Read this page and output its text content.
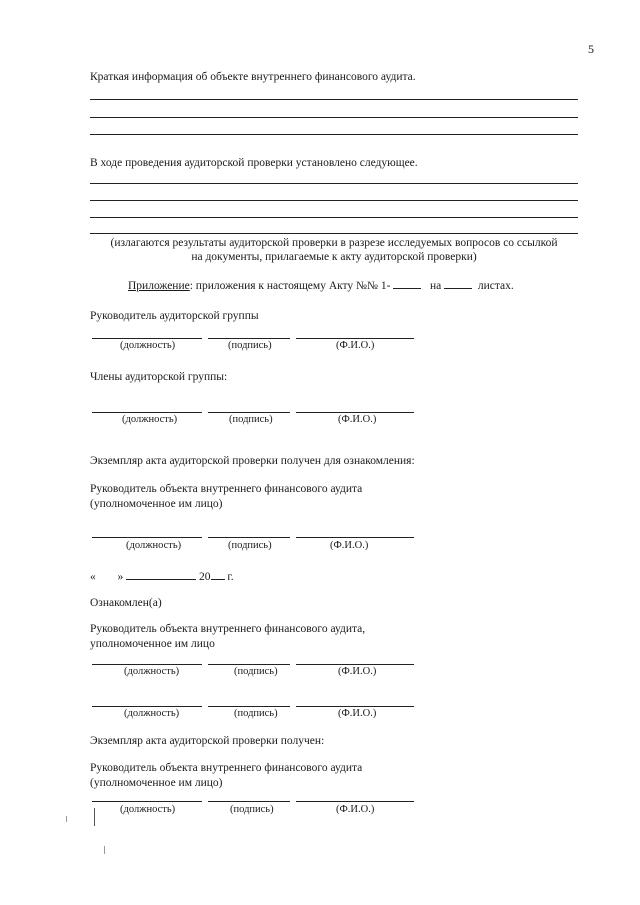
5
Краткая информация об объекте внутреннего финансового аудита.
В ходе проведения аудиторской проверки установлено следующее.
(излагаются результаты аудиторской проверки в разрезе исследуемых вопросов со ссылкой
на документы, прилагаемые к акту аудиторской проверки)
Приложение: приложения к настоящему Акту №№ 1-	на	листах.
Руководитель аудиторской группы
(должность)	(подпись)	(Ф.И.О.)
Члены аудиторской группы:
(должность)	(подпись)	(Ф.И.О.)
Экземпляр акта аудиторской проверки получен для ознакомления:
Руководитель объекта внутреннего финансового аудита
(уполномоченное им лицо)
(должность)	(подпись)	(Ф.И.О.)
« »	20 г.
Ознакомлен(а)
Руководитель объекта внутреннего финансового аудита,
уполномоченное им лицо
(должность)	(подпись)	(Ф.И.О.)
(должность)	(подпись)	(Ф.И.О.)
Экземпляр акта аудиторской проверки получен:
Руководитель объекта внутреннего финансового аудита
(уполномоченное им лицо)
(должность)	(подпись)	(Ф.И.О.)
